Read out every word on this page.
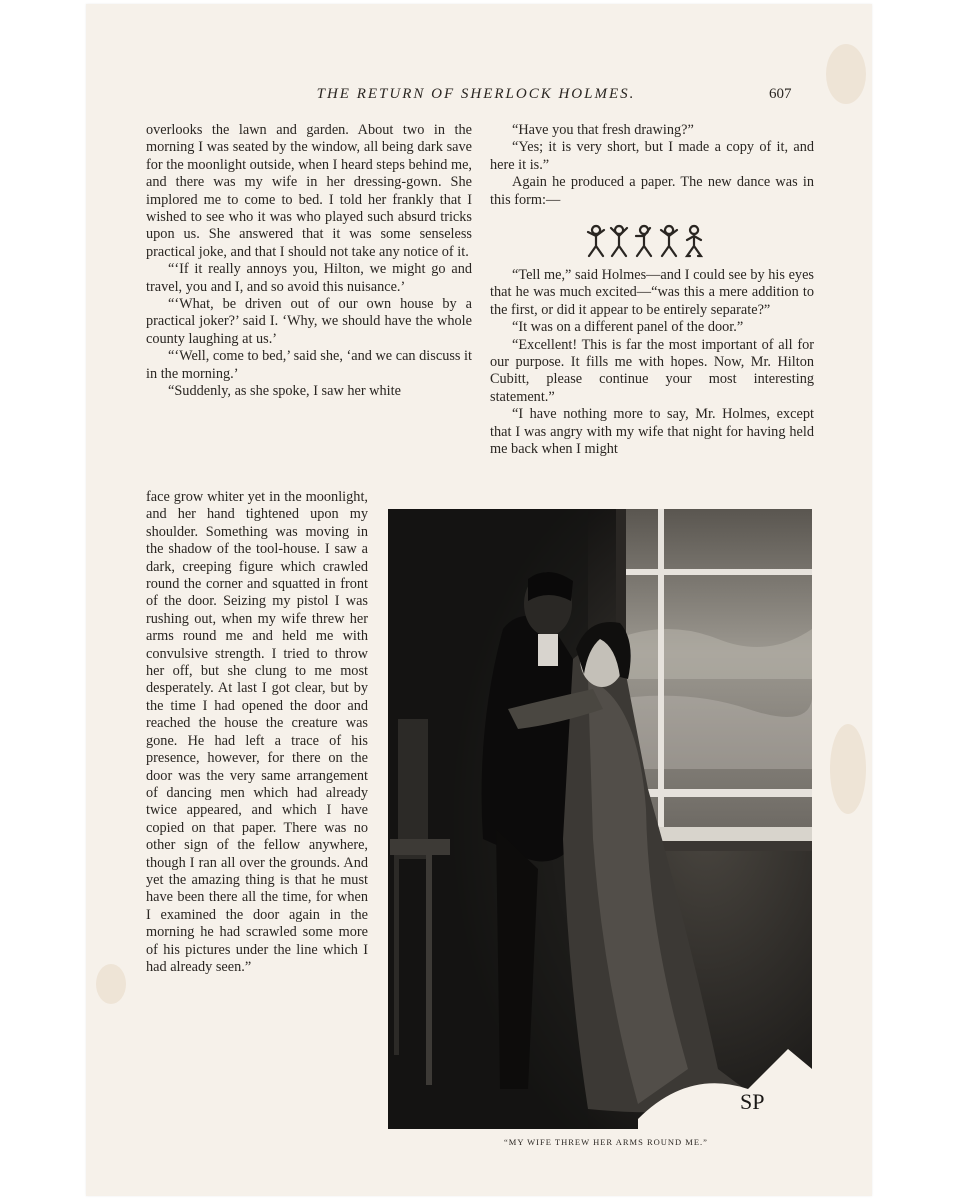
THE RETURN OF SHERLOCK HOLMES.	607

overlooks the lawn and garden. About two in the morning I was seated by the window, all being dark save for the moonlight outside, when I heard steps behind me, and there was my wife in her dressing-gown. She implored me to come to bed. I told her frankly that I wished to see who it was who played such absurd tricks upon us. She answered that it was some senseless practical joke, and that I should not take any notice of it.

“‘If it really annoys you, Hilton, we might go and travel, you and I, and so avoid this nuisance.’

“‘What, be driven out of our own house by a practical joker?’ said I. ‘Why, we should have the whole county laughing at us.’

“‘Well, come to bed,’ said she, ‘and we can discuss it in the morning.’

“Suddenly, as she spoke, I saw her white

face grow whiter yet in the moonlight, and her hand tightened upon my shoulder. Something was moving in the shadow of the tool-house. I saw a dark, creeping figure which crawled round the corner and squatted in front of the door. Seizing my pistol I was rushing out, when my wife threw her arms round me and held me with convulsive strength. I tried to throw her off, but she clung to me most desperately. At last I got clear, but by the time I had opened the door and reached the house the creature was gone. He had left a trace of his presence, however, for there on the door was the very same arrangement of dancing men which had already twice appeared, and which I have copied on that paper. There was no other sign of the fellow anywhere, though I ran all over the grounds. And yet the amazing thing is that he must have been there all the time, for when I examined the door again in the morning he had scrawled some more of his pictures under the line which I had already seen.”

“Have you that fresh drawing?”

“Yes; it is very short, but I made a copy of it, and here it is.”

Again he produced a paper. The new dance was in this form:—

“Tell me,” said Holmes—and I could see by his eyes that he was much excited—“was this a mere addition to the first, or did it appear to be entirely separate?”

“It was on a different panel of the door.”

“Excellent! This is far the most important of all for our purpose. It fills me with hopes. Now, Mr. Hilton Cubitt, please continue your most interesting statement.”

“I have nothing more to say, Mr. Holmes, except that I was angry with my wife that night for having held me back when I might

SP
“MY WIFE THREW HER ARMS ROUND ME.”
